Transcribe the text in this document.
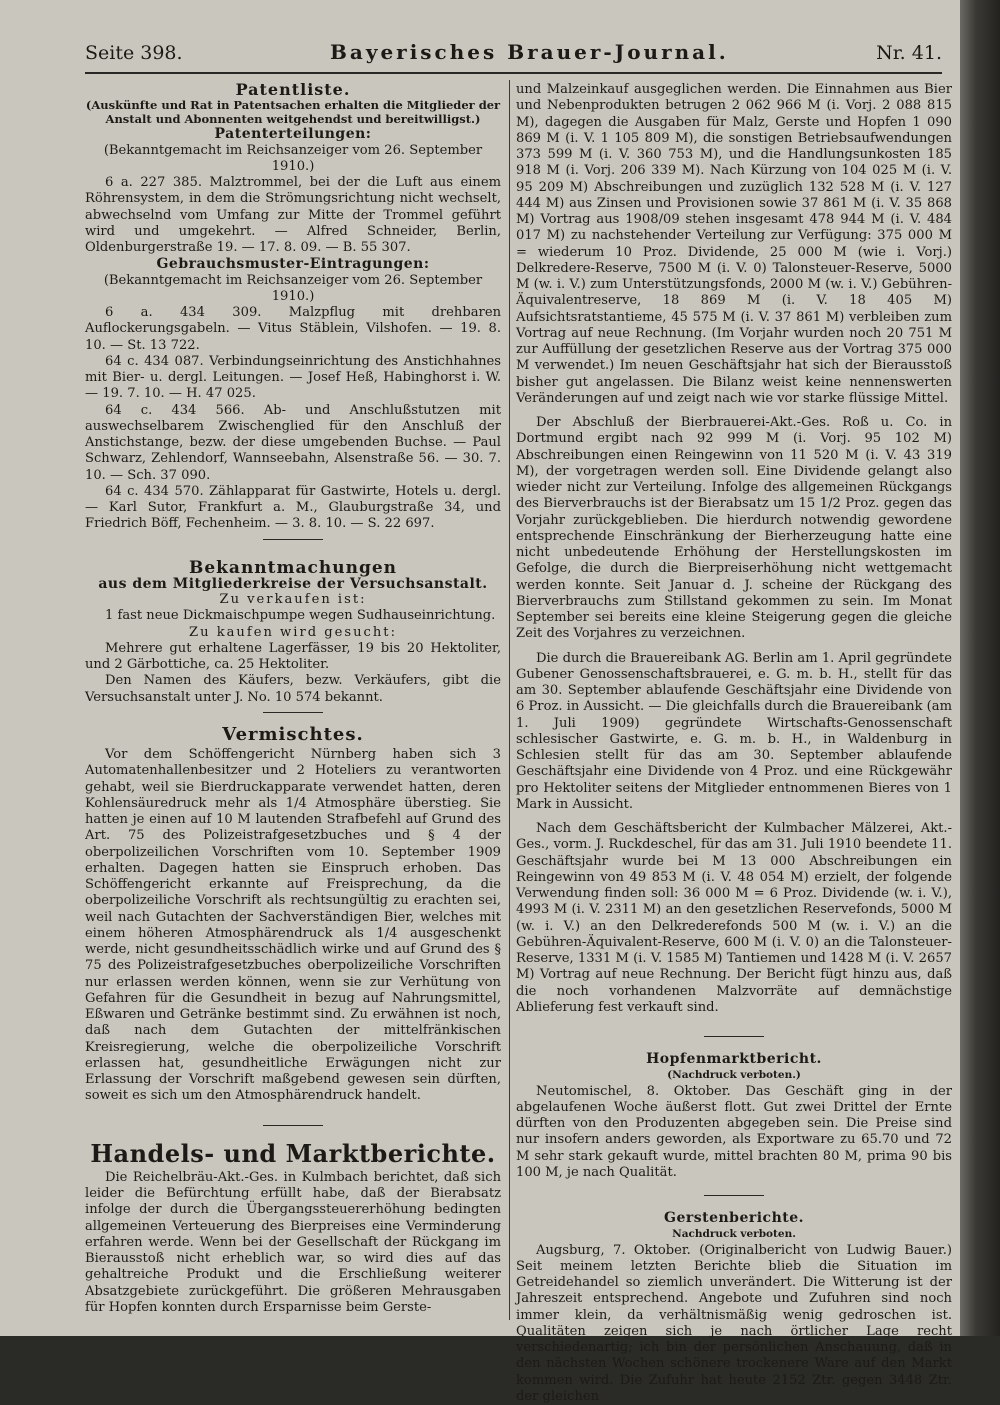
Seite 398.	Bayerisches Brauer-Journal.	Nr. 41.
Patentliste.
(Auskünfte und Rat in Patentsachen erhalten die Mitglieder der Anstalt und Abonnenten weitgehendst und bereitwilligst.)
Patenterteilungen:

(Bekanntgemacht im Reichsanzeiger vom 26. September 1910.)

6 a. 227 385. Malztrommel, bei der die Luft aus einem Röhrensystem, in dem die Strömungsrichtung nicht wechselt, abwechselnd vom Umfang zur Mitte der Trommel geführt wird und umgekehrt. — Alfred Schneider, Berlin, Oldenburgerstraße 19. — 17. 8. 09. — B. 55 307.

Gebrauchsmuster-Eintragungen:

(Bekanntgemacht im Reichsanzeiger vom 26. September 1910.)

6 a. 434 309. Malzpflug mit drehbaren Auflockerungsgabeln. — Vitus Stäblein, Vilshofen. — 19. 8. 10. — St. 13 722.

64 c. 434 087. Verbindungseinrichtung des Anstichhahnes mit Bier- u. dergl. Leitungen. — Josef Heß, Habinghorst i. W. — 19. 7. 10. — H. 47 025.

64 c. 434 566. Ab- und Anschlußstutzen mit auswechselbarem Zwischenglied für den Anschluß der Anstichstange, bezw. der diese umgebenden Buchse. — Paul Schwarz, Zehlendorf, Wannseebahn, Alsenstraße 56. — 30. 7. 10. — Sch. 37 090.

64 c. 434 570. Zählapparat für Gastwirte, Hotels u. dergl. — Karl Sutor, Frankfurt a. M., Glauburgstraße 34, und Friedrich Böff, Fechenheim. — 3. 8. 10. — S. 22 697.

Bekanntmachungen
aus dem Mitgliederkreise der Versuchsanstalt.

Zu verkaufen ist:

1 fast neue Dickmaischpumpe wegen Sudhauseinrichtung.

Zu kaufen wird gesucht:

Mehrere gut erhaltene Lagerfässer, 19 bis 20 Hektoliter, und 2 Gärbottiche, ca. 25 Hektoliter.

Den Namen des Käufers, bezw. Verkäufers, gibt die Versuchsanstalt unter J. No. 10 574 bekannt.

Vermischtes.

Vor dem Schöffengericht Nürnberg haben sich 3 Automatenhallenbesitzer und 2 Hoteliers zu verantworten gehabt, weil sie Bierdruckapparate verwendet hatten, deren Kohlensäuredruck mehr als 1/4 Atmosphäre überstieg. Sie hatten je einen auf 10 M lautenden Strafbefehl auf Grund des Art. 75 des Polizeistrafgesetzbuches und § 4 der oberpolizeilichen Vorschriften vom 10. September 1909 erhalten. Dagegen hatten sie Einspruch erhoben. Das Schöffengericht erkannte auf Freisprechung, da die oberpolizeiliche Vorschrift als rechtsungültig zu erachten sei, weil nach Gutachten der Sachverständigen Bier, welches mit einem höheren Atmosphärendruck als 1/4 ausgeschenkt werde, nicht gesundheitsschädlich wirke und auf Grund des § 75 des Polizeistrafgesetzbuches oberpolizeiliche Vorschriften nur erlassen werden können, wenn sie zur Verhütung von Gefahren für die Gesundheit in bezug auf Nahrungsmittel, Eßwaren und Getränke bestimmt sind. Zu erwähnen ist noch, daß nach dem Gutachten der mittelfränkischen Kreisregierung, welche die oberpolizeiliche Vorschrift erlassen hat, gesundheitliche Erwägungen nicht zur Erlassung der Vorschrift maßgebend gewesen sein dürften, soweit es sich um den Atmosphärendruck handelt.

Handels- und Marktberichte.

Die Reichelbräu-Akt.-Ges. in Kulmbach berichtet, daß sich leider die Befürchtung erfüllt habe, daß der Bierabsatz infolge der durch die Übergangssteuererhöhung bedingten allgemeinen Verteuerung des Bierpreises eine Verminderung erfahren werde. Wenn bei der Gesellschaft der Rückgang im Bierausstoß nicht erheblich war, so wird dies auf das gehaltreiche Produkt und die Erschließung weiterer Absatzgebiete zurückgeführt. Die größeren Mehrausgaben für Hopfen konnten durch Ersparnisse beim Gerste-

und Malzeinkauf ausgeglichen werden. Die Einnahmen aus Bier und Nebenprodukten betrugen 2 062 966 M (i. Vorj. 2 088 815 M), dagegen die Ausgaben für Malz, Gerste und Hopfen 1 090 869 M (i. V. 1 105 809 M), die sonstigen Betriebsaufwendungen 373 599 M (i. V. 360 753 M), und die Handlungsunkosten 185 918 M (i. Vorj. 206 339 M). Nach Kürzung von 104 025 M (i. V. 95 209 M) Abschreibungen und zuzüglich 132 528 M (i. V. 127 444 M) aus Zinsen und Provisionen sowie 37 861 M (i. V. 35 868 M) Vortrag aus 1908/09 stehen insgesamt 478 944 M (i. V. 484 017 M) zu nachstehender Verteilung zur Verfügung: 375 000 M = wiederum 10 Proz. Dividende, 25 000 M (wie i. Vorj.) Delkredere-Reserve, 7500 M (i. V. 0) Talonsteuer-Reserve, 5000 M (w. i. V.) zum Unterstützungsfonds, 2000 M (w. i. V.) Gebühren-Äquivalentreserve, 18 869 M (i. V. 18 405 M) Aufsichtsratstantieme, 45 575 M (i. V. 37 861 M) verbleiben zum Vortrag auf neue Rechnung. (Im Vorjahr wurden noch 20 751 M zur Auffüllung der gesetzlichen Reserve aus der Vortrag 375 000 M verwendet.) Im neuen Geschäftsjahr hat sich der Bierausstoß bisher gut angelassen. Die Bilanz weist keine nennenswerten Veränderungen auf und zeigt nach wie vor starke flüssige Mittel.

Der Abschluß der Bierbrauerei-Akt.-Ges. Roß u. Co. in Dortmund ergibt nach 92 999 M (i. Vorj. 95 102 M) Abschreibungen einen Reingewinn von 11 520 M (i. V. 43 319 M), der vorgetragen werden soll. Eine Dividende gelangt also wieder nicht zur Verteilung. Infolge des allgemeinen Rückgangs des Bierverbrauchs ist der Bierabsatz um 15 1/2 Proz. gegen das Vorjahr zurückgeblieben. Die hierdurch notwendig gewordene entsprechende Einschränkung der Bierherzeugung hatte eine nicht unbedeutende Erhöhung der Herstellungskosten im Gefolge, die durch die Bierpreiserhöhung nicht wettgemacht werden konnte. Seit Januar d. J. scheine der Rückgang des Bierverbrauchs zum Stillstand gekommen zu sein. Im Monat September sei bereits eine kleine Steigerung gegen die gleiche Zeit des Vorjahres zu verzeichnen.

Die durch die Brauereibank AG. Berlin am 1. April gegründete Gubener Genossenschaftsbrauerei, e. G. m. b. H., stellt für das am 30. September ablaufende Geschäftsjahr eine Dividende von 6 Proz. in Aussicht. — Die gleichfalls durch die Brauereibank (am 1. Juli 1909) gegründete Wirtschafts-Genossenschaft schlesischer Gastwirte, e. G. m. b. H., in Waldenburg in Schlesien stellt für das am 30. September ablaufende Geschäftsjahr eine Dividende von 4 Proz. und eine Rückgewähr pro Hektoliter seitens der Mitglieder entnommenen Bieres von 1 Mark in Aussicht.

Nach dem Geschäftsbericht der Kulmbacher Mälzerei, Akt.-Ges., vorm. J. Ruckdeschel, für das am 31. Juli 1910 beendete 11. Geschäftsjahr wurde bei M 13 000 Abschreibungen ein Reingewinn von 49 853 M (i. V. 48 054 M) erzielt, der folgende Verwendung finden soll: 36 000 M = 6 Proz. Dividende (w. i. V.), 4993 M (i. V. 2311 M) an den gesetzlichen Reservefonds, 5000 M (w. i. V.) an den Delkrederefonds 500 M (w. i. V.) an die Gebühren-Äquivalent-Reserve, 600 M (i. V. 0) an die Talonsteuer-Reserve, 1331 M (i. V. 1585 M) Tantiemen und 1428 M (i. V. 2657 M) Vortrag auf neue Rechnung. Der Bericht fügt hinzu aus, daß die noch vorhandenen Malzvorräte auf demnächstige Ablieferung fest verkauft sind.

Hopfenmarktbericht.
(Nachdruck verboten.)

Neutomischel, 8. Oktober. Das Geschäft ging in der abgelaufenen Woche äußerst flott. Gut zwei Drittel der Ernte dürften von den Produzenten abgegeben sein. Die Preise sind nur insofern anders geworden, als Exportware zu 65.70 und 72 M sehr stark gekauft wurde, mittel brachten 80 M, prima 90 bis 100 M, je nach Qualität.

Gerstenberichte.
Nachdruck verboten.

Augsburg, 7. Oktober. (Originalbericht von Ludwig Bauer.) Seit meinem letzten Berichte blieb die Situation im Getreidehandel so ziemlich unverändert. Die Witterung ist der Jahreszeit entsprechend. Angebote und Zufuhren sind noch immer klein, da verhältnismäßig wenig gedroschen ist. Qualitäten zeigen sich je nach örtlicher Lage recht verschiedenartig; ich bin der persönlichen Anschauung, daß in den nächsten Wochen schönere trockenere Ware auf den Markt kommen wird. Die Zufuhr hat heute 2152 Ztr. gegen 3448 Ztr. der gleichen
